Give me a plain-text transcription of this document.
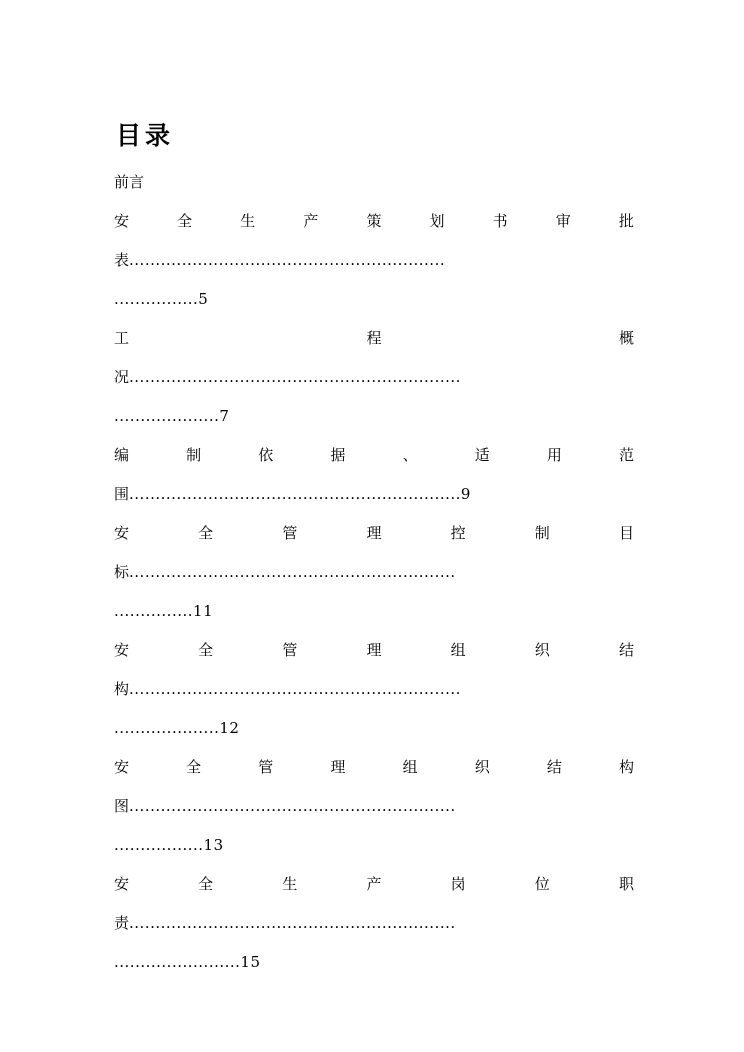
目录
前言
安	全	生	产	策	划	书	审	批
表............................................................
................5
工	程	概
况...............................................................
....................7
编	制	依	据	、	适	用	范
围...............................................................9
安	全	管	理	控	制	目
标..............................................................
...............11
安	全	管	理	组	织	结
构...............................................................
....................12
安	全	管	理	组	织	结	构
图..............................................................
.................13
安	全	生	产	岗	位	职
责..............................................................
........................15
